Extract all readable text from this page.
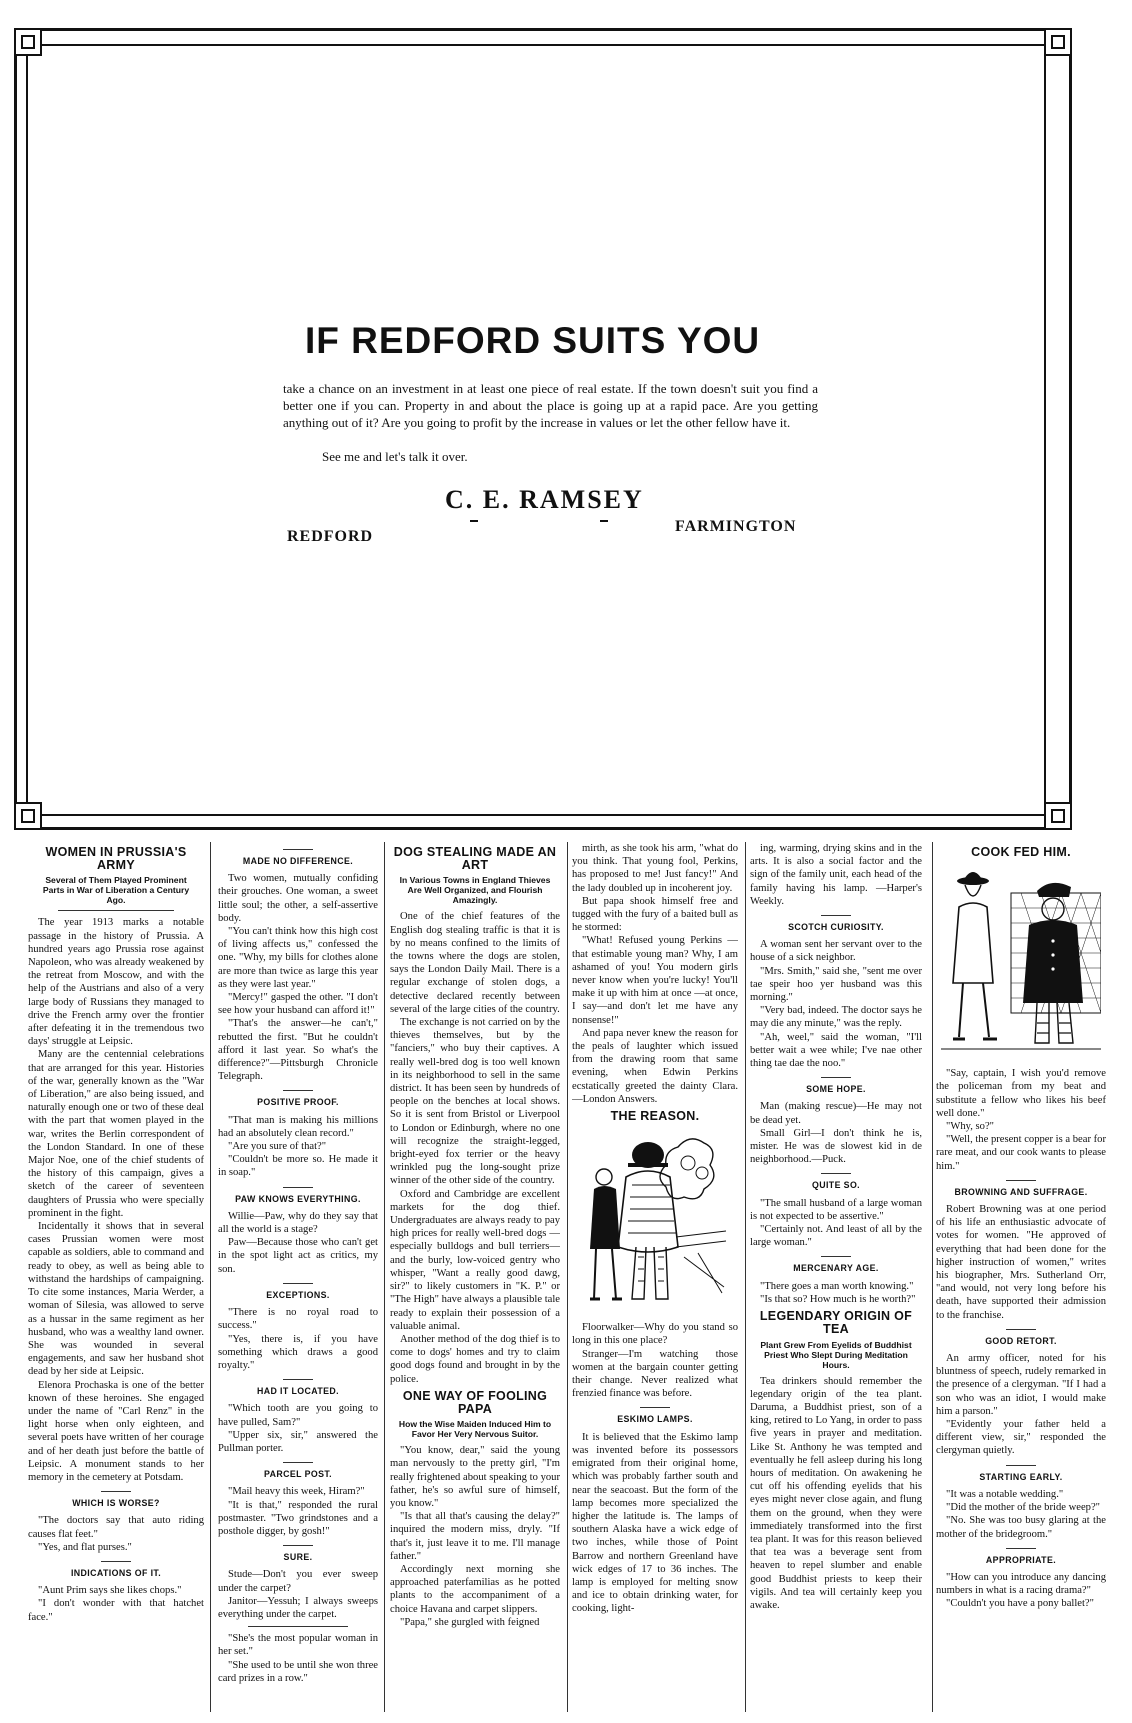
IF REDFORD SUITS YOU
take a chance on an investment in at least one piece of real estate. If the town doesn't suit you find a better one if you can. Property in and about the place is going up at a rapid pace. Are you getting anything out of it? Are you going to profit by the increase in values or let the other fellow have it.
See me and let's talk it over.
C. E. RAMSEY
REDFORD
FARMINGTON
WOMEN IN PRUSSIA'S ARMY
Several of Them Played Prominent Parts in War of Liberation a Century Ago.

The year 1913 marks a notable passage in the history of Prussia. A hundred years ago Prussia rose against Napoleon, who was already weakened by the retreat from Moscow, and with the help of the Austrians and also of a very large body of Russians they managed to drive the French army over the frontier after defeating it in the tremendous two days' struggle at Leipsic.

Many are the centennial celebrations that are arranged for this year. Histories of the war, generally known as the "War of Liberation," are also being issued, and naturally enough one or two of these deal with the part that women played in the war, writes the Berlin correspondent of the London Standard. In one of these Major Noe, one of the chief students of the history of this campaign, gives a sketch of the career of seventeen daughters of Prussia who were specially prominent in the fight.

Incidentally it shows that in several cases Prussian women were most capable as soldiers, able to command and ready to obey, as well as being able to withstand the hardships of campaigning. To cite some instances, Maria Werder, a woman of Silesia, was allowed to serve as a hussar in the same regiment as her husband, who was a wealthy land owner. She was wounded in several engagements, and saw her husband shot dead by her side at Leipsic.

Elenora Prochaska is one of the better known of these heroines. She engaged under the name of "Carl Renz" in the light horse when only eighteen, and several poets have written of her courage and of her death just before the battle of Leipsic. A monument stands to her memory in the cemetery at Potsdam.

WHICH IS WORSE?

"The doctors say that auto riding causes flat feet."

"Yes, and flat purses."

INDICATIONS OF IT.

"Aunt Prim says she likes chops."

"I don't wonder with that hatchet face."

MADE NO DIFFERENCE.

Two women, mutually confiding their grouches. One woman, a sweet little soul; the other, a self-assertive body.

"You can't think how this high cost of living affects us," confessed the one. "Why, my bills for clothes alone are more than twice as large this year as they were last year."

"Mercy!" gasped the other. "I don't see how your husband can afford it!"

"That's the answer—he can't," rebutted the first. "But he couldn't afford it last year. So what's the difference?"—Pittsburgh Chronicle Telegraph.

POSITIVE PROOF.

"That man is making his millions had an absolutely clean record."

"Are you sure of that?"

"Couldn't be more so. He made it in soap."

PAW KNOWS EVERYTHING.

Willie—Paw, why do they say that all the world is a stage?

Paw—Because those who can't get in the spot light act as critics, my son.

EXCEPTIONS.

"There is no royal road to success."

"Yes, there is, if you have something which draws a good royalty."

HAD IT LOCATED.

"Which tooth are you going to have pulled, Sam?"

"Upper six, sir," answered the Pullman porter.

PARCEL POST.

"Mail heavy this week, Hiram?"

"It is that," responded the rural postmaster. "Two grindstones and a posthole digger, by gosh!"

SURE.

Stude—Don't you ever sweep under the carpet?

Janitor—Yessuh; I always sweeps everything under the carpet.

"She's the most popular woman in her set."

"She used to be until she won three card prizes in a row."

DOG STEALING MADE AN ART
In Various Towns in England Thieves Are Well Organized, and Flourish Amazingly.

One of the chief features of the English dog stealing traffic is that it is by no means confined to the limits of the towns where the dogs are stolen, says the London Daily Mail. There is a regular exchange of stolen dogs, a detective declared recently between several of the large cities of the country.

The exchange is not carried on by the thieves themselves, but by the "fanciers," who buy their captives. A really well-bred dog is too well known in its neighborhood to sell in the same district. It has been seen by hundreds of people on the benches at local shows. So it is sent from Bristol or Liverpool to London or Edinburgh, where no one will recognize the straight-legged, bright-eyed fox terrier or the heavy wrinkled pug the long-sought prize winner of the other side of the country.

Oxford and Cambridge are excellent markets for the dog thief. Undergraduates are always ready to pay high prices for really well-bred dogs —especially bulldogs and bull terriers—and the burly, low-voiced gentry who whisper, "Want a really good dawg, sir?" to likely customers in "K. P." or "The High" have always a plausible tale ready to explain their possession of a valuable animal.

Another method of the dog thief is to come to dogs' homes and try to claim good dogs found and brought in by the police.

ONE WAY OF FOOLING PAPA
How the Wise Maiden Induced Him to Favor Her Very Nervous Suitor.

"You know, dear," said the young man nervously to the pretty girl, "I'm really frightened about speaking to your father, he's so awful sure of himself, you know."

"Is that all that's causing the delay?" inquired the modern miss, dryly. "If that's it, just leave it to me. I'll manage father."

Accordingly next morning she approached paterfamilias as he potted plants to the accompaniment of a choice Havana and carpet slippers.

"Papa," she gurgled with feigned

mirth, as she took his arm, "what do you think. That young fool, Perkins, has proposed to me! Just fancy!" And the lady doubled up in incoherent joy.

But papa shook himself free and tugged with the fury of a baited bull as he stormed:

"What! Refused young Perkins —that estimable young man? Why, I am ashamed of you! You modern girls never know when you're lucky! You'll make it up with him at once —at once, I say—and don't let me have any nonsense!"

And papa never knew the reason for the peals of laughter which issued from the drawing room that same evening, when Edwin Perkins ecstatically greeted the dainty Clara. —London Answers.

THE REASON.

Floorwalker—Why do you stand so long in this one place?

Stranger—I'm watching those women at the bargain counter getting their change. Never realized what frenzied finance was before.

ESKIMO LAMPS.

It is believed that the Eskimo lamp was invented before its possessors emigrated from their original home, which was probably farther south and near the seacoast. But the form of the lamp becomes more specialized the higher the latitude is. The lamps of southern Alaska have a wick edge of two inches, while those of Point Barrow and northern Greenland have wick edges of 17 to 36 inches. The lamp is employed for melting snow and ice to obtain drinking water, for cooking, light-

ing, warming, drying skins and in the arts. It is also a social factor and the sign of the family unit, each head of the family having his lamp. —Harper's Weekly.

SCOTCH CURIOSITY.

A woman sent her servant over to the house of a sick neighbor.

"Mrs. Smith," said she, "sent me over tae speir hoo yer husband was this morning."

"Very bad, indeed. The doctor says he may die any minute," was the reply.

"Ah, weel," said the woman, "I'll better wait a wee while; I've nae other thing tae dae the noo."

SOME HOPE.

Man (making rescue)—He may not be dead yet.

Small Girl—I don't think he is, mister. He was de slowest kid in de neighborhood.—Puck.

QUITE SO.

"The small husband of a large woman is not expected to be assertive."

"Certainly not. And least of all by the large woman."

MERCENARY AGE.

"There goes a man worth knowing."

"Is that so? How much is he worth?"

LEGENDARY ORIGIN OF TEA
Plant Grew From Eyelids of Buddhist Priest Who Slept During Meditation Hours.

Tea drinkers should remember the legendary origin of the tea plant. Daruma, a Buddhist priest, son of a king, retired to Lo Yang, in order to pass five years in prayer and meditation. Like St. Anthony he was tempted and eventually he fell asleep during his long hours of meditation. On awakening he cut off his offending eyelids that his eyes might never close again, and flung them on the ground, when they were immediately transformed into the first tea plant. It was for this reason believed that tea was a beverage sent from heaven to repel slumber and enable good Buddhist priests to keep their vigils. And tea will certainly keep you awake.

COOK FED HIM.

"Say, captain, I wish you'd remove the policeman from my beat and substitute a fellow who likes his beef well done."

"Why, so?"

"Well, the present copper is a bear for rare meat, and our cook wants to please him."

BROWNING AND SUFFRAGE.

Robert Browning was at one period of his life an enthusiastic advocate of votes for women. "He approved of everything that had been done for the higher instruction of women," writes his biographer, Mrs. Sutherland Orr, "and would, not very long before his death, have supported their admission to the franchise.

GOOD RETORT.

An army officer, noted for his bluntness of speech, rudely remarked in the presence of a clergyman. "If I had a son who was an idiot, I would make him a parson."

"Evidently your father held a different view, sir," responded the clergyman quietly.

STARTING EARLY.

"It was a notable wedding."

"Did the mother of the bride weep?"

"No. She was too busy glaring at the mother of the bridegroom."

APPROPRIATE.

"How can you introduce any dancing numbers in what is a racing drama?"

"Couldn't you have a pony ballet?"
